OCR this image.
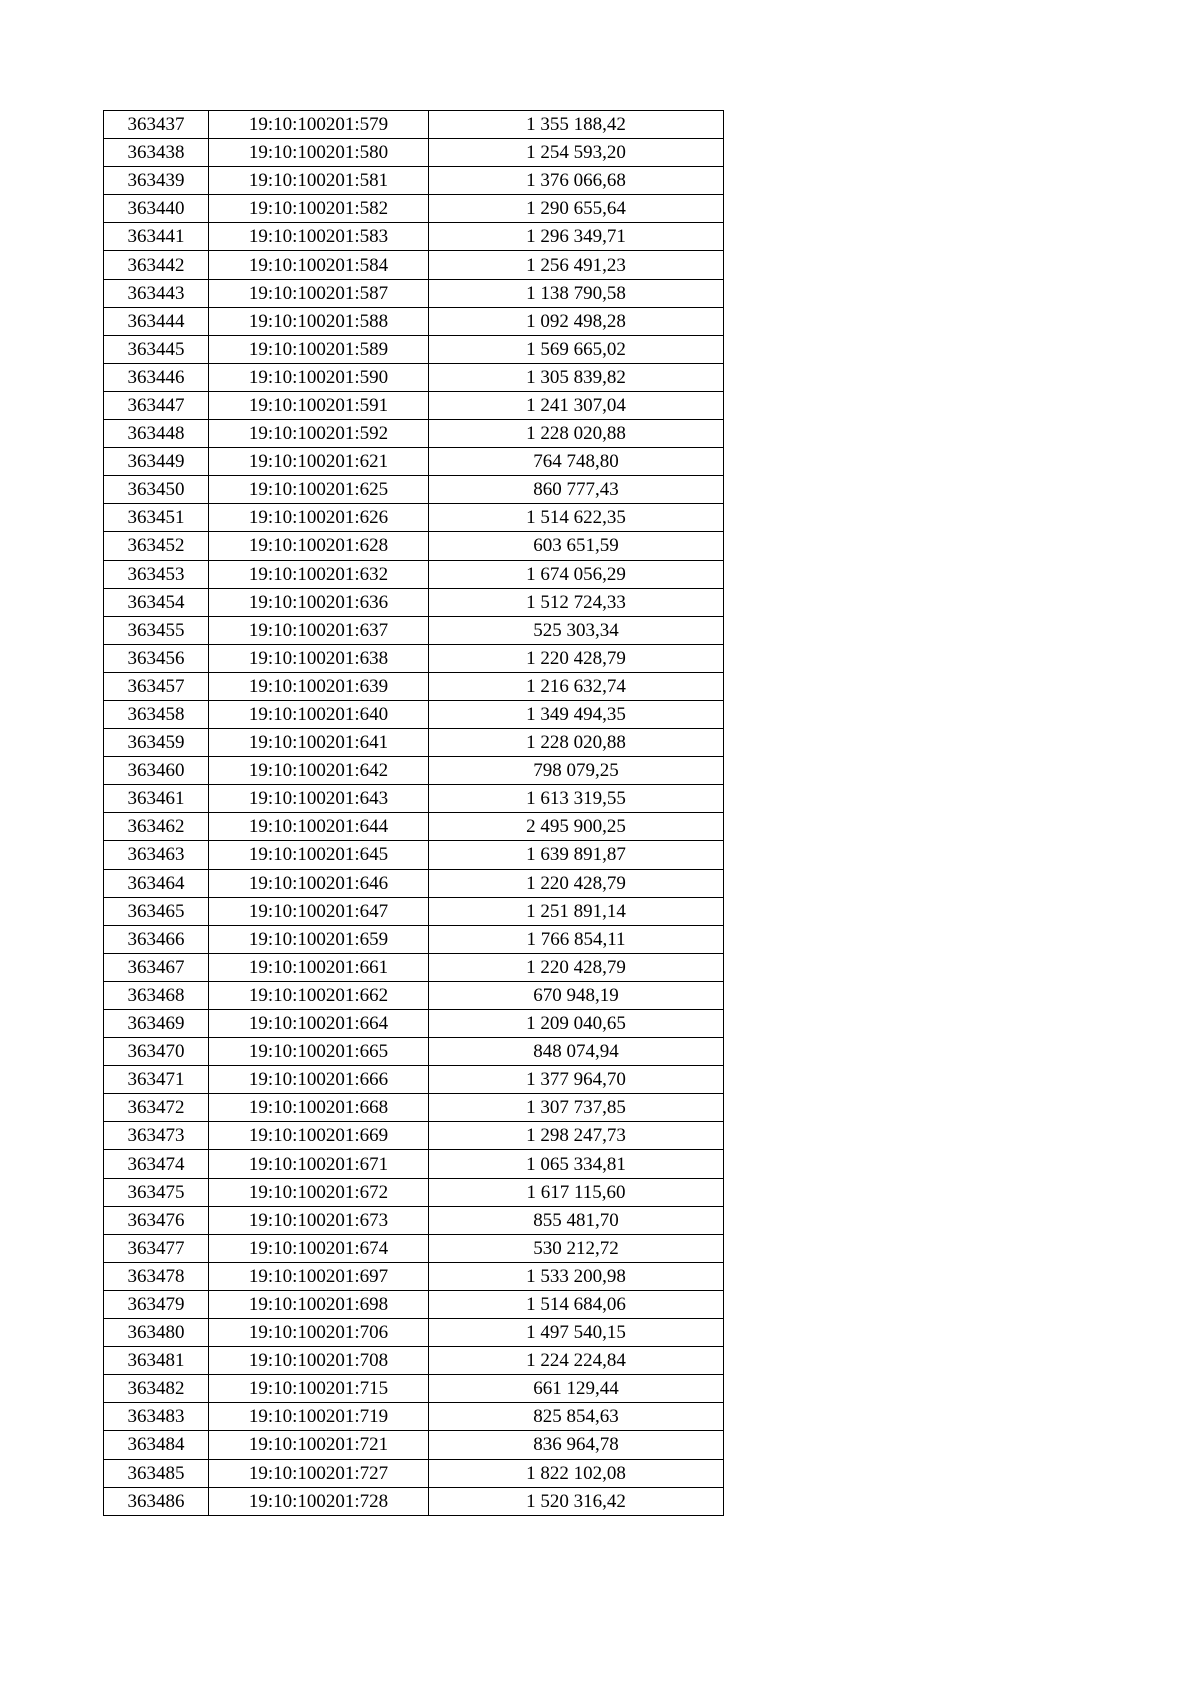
363437	19:10:100201:579	1 355 188,42
363438	19:10:100201:580	1 254 593,20
363439	19:10:100201:581	1 376 066,68
363440	19:10:100201:582	1 290 655,64
363441	19:10:100201:583	1 296 349,71
363442	19:10:100201:584	1 256 491,23
363443	19:10:100201:587	1 138 790,58
363444	19:10:100201:588	1 092 498,28
363445	19:10:100201:589	1 569 665,02
363446	19:10:100201:590	1 305 839,82
363447	19:10:100201:591	1 241 307,04
363448	19:10:100201:592	1 228 020,88
363449	19:10:100201:621	764 748,80
363450	19:10:100201:625	860 777,43
363451	19:10:100201:626	1 514 622,35
363452	19:10:100201:628	603 651,59
363453	19:10:100201:632	1 674 056,29
363454	19:10:100201:636	1 512 724,33
363455	19:10:100201:637	525 303,34
363456	19:10:100201:638	1 220 428,79
363457	19:10:100201:639	1 216 632,74
363458	19:10:100201:640	1 349 494,35
363459	19:10:100201:641	1 228 020,88
363460	19:10:100201:642	798 079,25
363461	19:10:100201:643	1 613 319,55
363462	19:10:100201:644	2 495 900,25
363463	19:10:100201:645	1 639 891,87
363464	19:10:100201:646	1 220 428,79
363465	19:10:100201:647	1 251 891,14
363466	19:10:100201:659	1 766 854,11
363467	19:10:100201:661	1 220 428,79
363468	19:10:100201:662	670 948,19
363469	19:10:100201:664	1 209 040,65
363470	19:10:100201:665	848 074,94
363471	19:10:100201:666	1 377 964,70
363472	19:10:100201:668	1 307 737,85
363473	19:10:100201:669	1 298 247,73
363474	19:10:100201:671	1 065 334,81
363475	19:10:100201:672	1 617 115,60
363476	19:10:100201:673	855 481,70
363477	19:10:100201:674	530 212,72
363478	19:10:100201:697	1 533 200,98
363479	19:10:100201:698	1 514 684,06
363480	19:10:100201:706	1 497 540,15
363481	19:10:100201:708	1 224 224,84
363482	19:10:100201:715	661 129,44
363483	19:10:100201:719	825 854,63
363484	19:10:100201:721	836 964,78
363485	19:10:100201:727	1 822 102,08
363486	19:10:100201:728	1 520 316,42
